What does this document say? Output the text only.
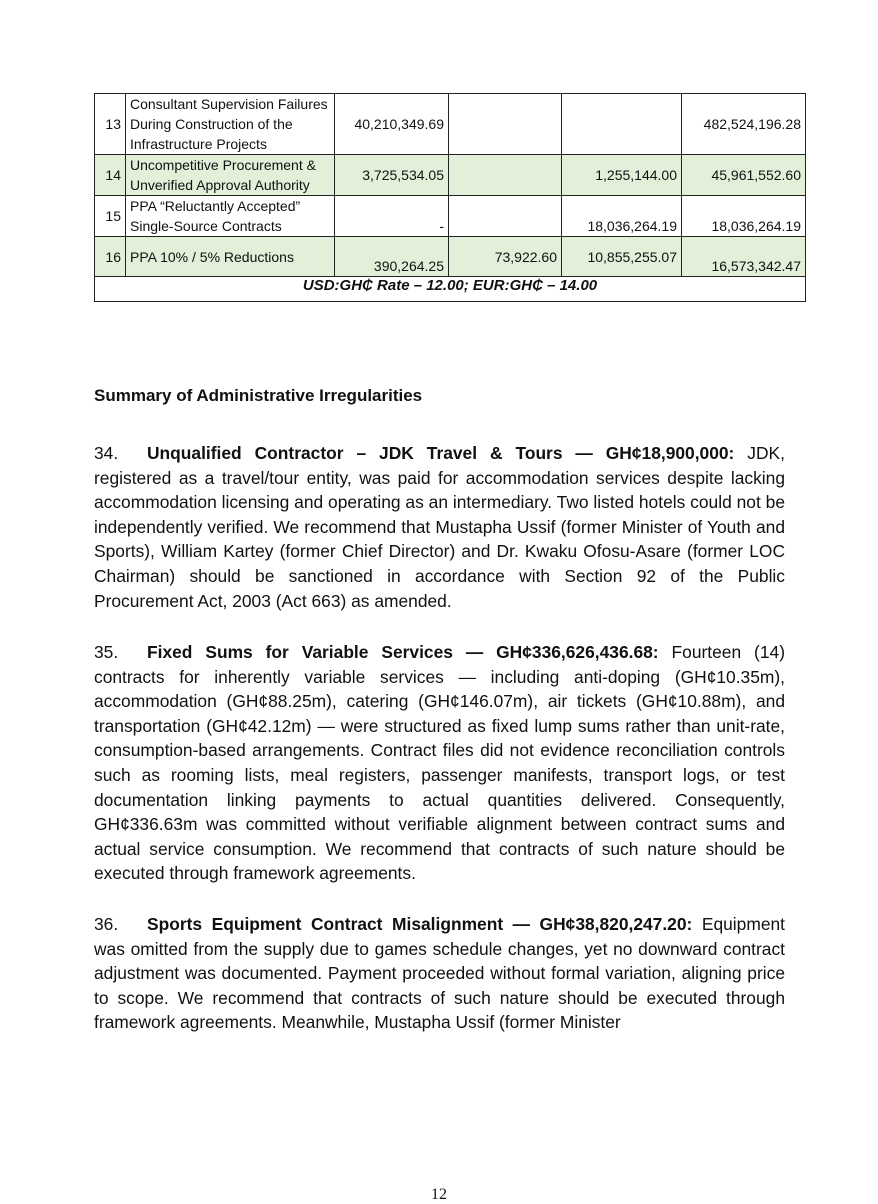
13	Consultant Supervision Failures During Construction of the Infrastructure Projects	40,210,349.69			482,524,196.28
14	Uncompetitive Procurement & Unverified Approval Authority	3,725,534.05		1,255,144.00	45,961,552.60
15	PPA “Reluctantly Accepted” Single-Source Contracts	-		18,036,264.19	18,036,264.19
16	PPA 10% / 5% Reductions	390,264.25	73,922.60	10,855,255.07	16,573,342.47
USD:GH₵ Rate – 12.00; EUR:GH₵ – 14.00					
Summary of Administrative Irregularities

34. Unqualified Contractor – JDK Travel & Tours — GH¢18,900,000: JDK, registered as a travel/tour entity, was paid for accommodation services despite lacking accommodation licensing and operating as an intermediary. Two listed hotels could not be independently verified. We recommend that Mustapha Ussif (former Minister of Youth and Sports), William Kartey (former Chief Director) and Dr. Kwaku Ofosu-Asare (former LOC Chairman) should be sanctioned in accordance with Section 92 of the Public Procurement Act, 2003 (Act 663) as amended.

35. Fixed Sums for Variable Services — GH¢336,626,436.68: Fourteen (14) contracts for inherently variable services — including anti-doping (GH¢10.35m), accommodation (GH¢88.25m), catering (GH¢146.07m), air tickets (GH¢10.88m), and transportation (GH¢42.12m) — were structured as fixed lump sums rather than unit-rate, consumption-based arrangements. Contract files did not evidence reconciliation controls such as rooming lists, meal registers, passenger manifests, transport logs, or test documentation linking payments to actual quantities delivered. Consequently, GH¢336.63m was committed without verifiable alignment between contract sums and actual service consumption. We recommend that contracts of such nature should be executed through framework agreements.

36. Sports Equipment Contract Misalignment — GH¢38,820,247.20: Equipment was omitted from the supply due to games schedule changes, yet no downward contract adjustment was documented. Payment proceeded without formal variation, aligning price to scope. We recommend that contracts of such nature should be executed through framework agreements. Meanwhile, Mustapha Ussif (former Minister

12
